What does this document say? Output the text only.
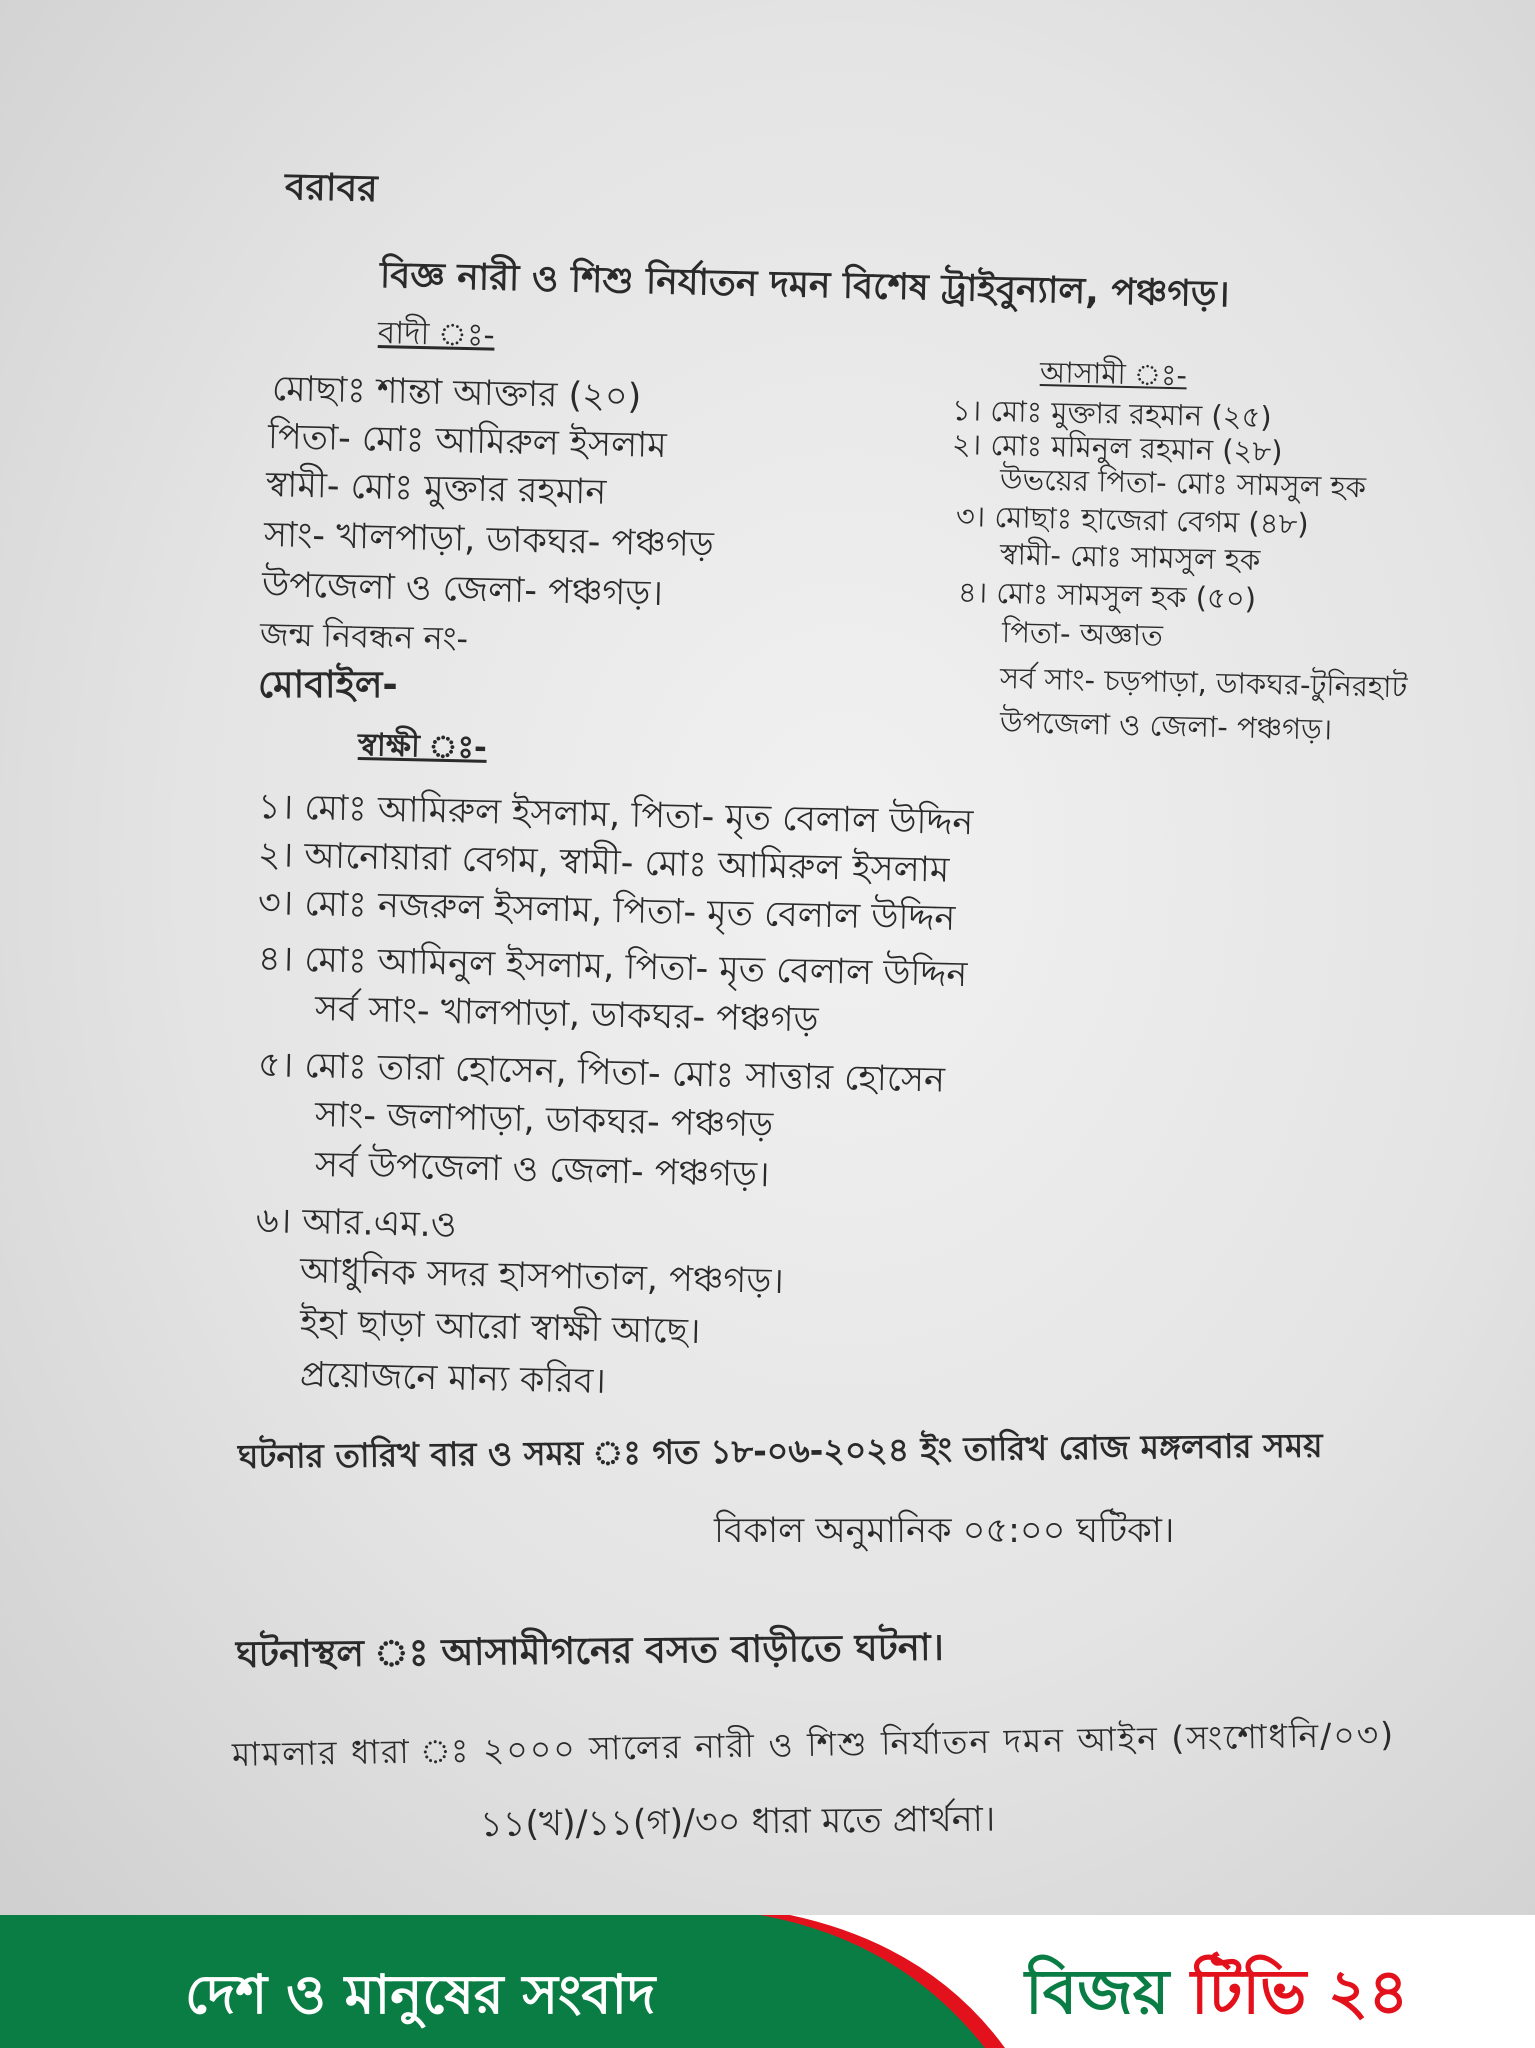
বরাবর
বিজ্ঞ নারী ও শিশু নির্যাতন দমন বিশেষ ট্রাইবুন্যাল, পঞ্চগড়।
বাদী ঃ-
মোছাঃ শান্তা আক্তার (২০)
পিতা- মোঃ আমিরুল ইসলাম
স্বামী- মোঃ মুক্তার রহমান
সাং- খালপাড়া, ডাকঘর- পঞ্চগড়
উপজেলা ও জেলা- পঞ্চগড়।
জন্ম নিবন্ধন নং-
মোবাইল-
আসামী ঃ-
১। মোঃ মুক্তার রহমান (২৫)
২। মোঃ মমিনুল রহমান (২৮)
উভয়ের পিতা- মোঃ সামসুল হক
৩। মোছাঃ হাজেরা বেগম (৪৮)
স্বামী- মোঃ সামসুল হক
৪। মোঃ সামসুল হক (৫০)
পিতা- অজ্ঞাত
সর্ব সাং- চড়পাড়া, ডাকঘর-টুনিরহাট
উপজেলা ও জেলা- পঞ্চগড়।
স্বাক্ষী ঃ-
১। মোঃ আমিরুল ইসলাম, পিতা- মৃত বেলাল উদ্দিন
২। আনোয়ারা বেগম, স্বামী- মোঃ আমিরুল ইসলাম
৩। মোঃ নজরুল ইসলাম, পিতা- মৃত বেলাল উদ্দিন
৪। মোঃ আমিনুল ইসলাম, পিতা- মৃত বেলাল উদ্দিন
সর্ব সাং- খালপাড়া, ডাকঘর- পঞ্চগড়
৫। মোঃ তারা হোসেন, পিতা- মোঃ সাত্তার হোসেন
সাং- জলাপাড়া, ডাকঘর- পঞ্চগড়
সর্ব উপজেলা ও জেলা- পঞ্চগড়।
৬। আর.এম.ও
আধুনিক সদর হাসপাতাল, পঞ্চগড়।
ইহা ছাড়া আরো স্বাক্ষী আছে।
প্রয়োজনে মান্য করিব।
ঘটনার তারিখ বার ও সময় ঃ গত ১৮-০৬-২০২৪ ইং তারিখ রোজ মঙ্গলবার সময়
বিকাল অনুমানিক ০৫:০০ ঘটিকা।
ঘটনাস্থল ঃ আসামীগনের বসত বাড়ীতে ঘটনা।
মামলার ধারা ঃ ২০০০ সালের নারী ও শিশু নির্যাতন দমন আইন (সংশোধনি/০৩)
১১(খ)/১১(গ)/৩০ ধারা মতে প্রার্থনা।
দেশ ও মানুষের সংবাদ	বিজয় টিভি ২৪
